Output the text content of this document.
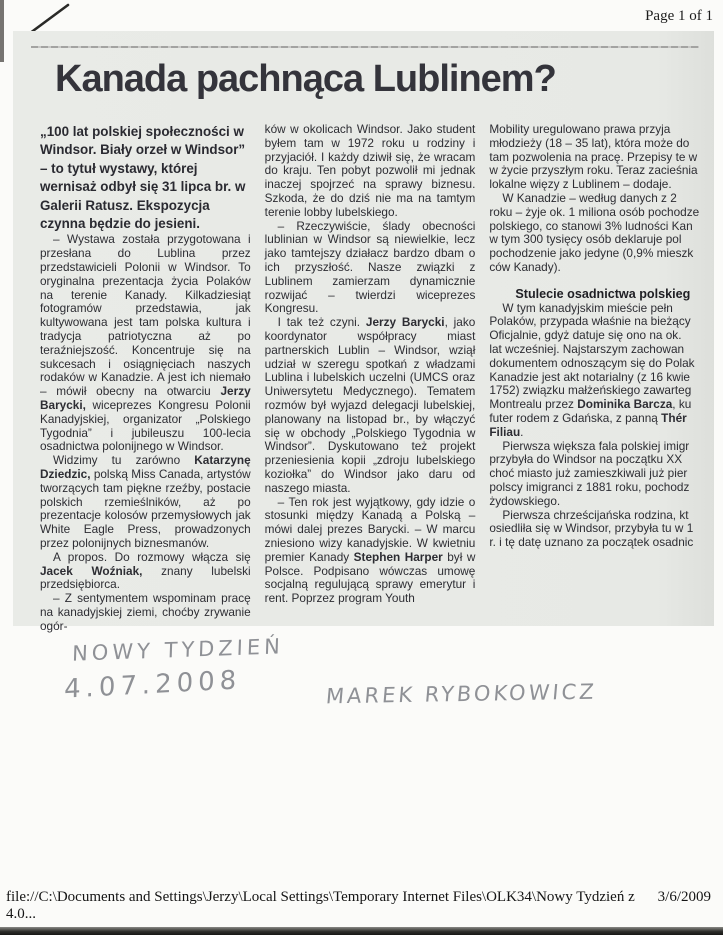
Page 1 of 1
Kanada pachnąca Lublinem?

„100 lat polskiej społeczności w Windsor. Biały orzeł w Windsor” – to tytuł wystawy, której wernisaż odbył się 31 lipca br. w Galerii Ratusz. Ekspozycja czynna będzie do jesieni.

– Wystawa została przygotowana i przesłana do Lublina przez przedstawicieli Polonii w Windsor. To oryginalna prezentacja życia Polaków na terenie Kanady. Kilkadziesiąt fotogramów przedstawia, jak kultywowana jest tam polska kultura i tradycja patriotyczna aż po teraźniejszość. Koncentruje się na sukcesach i osiągnięciach naszych rodaków w Kanadzie. A jest ich niemało – mówił obecny na otwarciu Jerzy Barycki, wiceprezes Kongresu Polonii Kanadyjskiej, organizator „Polskiego Tygodnia” i jubileuszu 100-lecia osadnictwa polonijnego w Windsor.

Widzimy tu zarówno Katarzynę Dziedzic, polską Miss Canada, artystów tworzących tam piękne rzeźby, postacie polskich rzemieślników, aż po prezentacje kolosów przemysłowych jak White Eagle Press, prowadzonych przez polonijnych biznesmanów.

A propos. Do rozmowy włącza się Jacek Woźniak, znany lubelski przedsiębiorca.

– Z sentymentem wspominam pracę na kanadyjskiej ziemi, choćby zrywanie ogór-

ków w okolicach Windsor. Jako student byłem tam w 1972 roku u rodziny i przyjaciół. I każdy dziwił się, że wracam do kraju. Ten pobyt pozwolił mi jednak inaczej spojrzeć na sprawy biznesu. Szkoda, że do dziś nie ma na tamtym terenie lobby lubelskiego.

– Rzeczywiście, ślady obecności lublinian w Windsor są niewielkie, lecz jako tamtejszy działacz bardzo dbam o ich przyszłość. Nasze związki z Lublinem zamierzam dynamicznie rozwijać – twierdzi wiceprezes Kongresu.

I tak też czyni. Jerzy Barycki, jako koordynator współpracy miast partnerskich Lublin – Windsor, wziął udział w szeregu spotkań z władzami Lublina i lubelskich uczelni (UMCS oraz Uniwersytetu Medycznego). Tematem rozmów był wyjazd delegacji lubelskiej, planowany na listopad br., by włączyć się w obchody „Polskiego Tygodnia w Windsor”. Dyskutowano też projekt przeniesienia kopii „zdroju lubelskiego koziołka” do Windsor jako daru od naszego miasta.

– Ten rok jest wyjątkowy, gdy idzie o stosunki między Kanadą a Polską – mówi dalej prezes Barycki. – W marcu zniesiono wizy kanadyjskie. W kwietniu premier Kanady Stephen Harper był w Polsce. Podpisano wówczas umowę socjalną regulującą sprawy emerytur i rent. Poprzez program Youth

Mobility uregulowano prawa przyja
młodzieży (18 – 35 lat), która może do
tam pozwolenia na pracę. Przepisy te w
w życie przyszłym roku. Teraz zacieśnia
lokalne więzy z Lublinem – dodaje.
W Kanadzie – według danych z 2
roku – żyje ok. 1 miliona osób pochodze
polskiego, co stanowi 3% ludności Kan
w tym 300 tysięcy osób deklaruje pol
pochodzenie jako jedyne (0,9% mieszk
ców Kanady).
Stulecie osadnictwa polskieg
W tym kanadyjskim mieście pełn
Polaków, przypada właśnie na bieżący
Oficjalnie, gdyż datuje się ono na ok.
lat wcześniej. Najstarszym zachowan
dokumentem odnoszącym się do Polak
Kanadzie jest akt notarialny (z 16 kwie
1752) związku małżeńskiego zawarteg
Montrealu przez Dominika Barcza, ku
futer rodem z Gdańska, z panną Thér
Filiau.
Pierwsza większa fala polskiej imigr
przybyła do Windsor na początku XX
choć miasto już zamieszkiwali już pier
polscy imigranci z 1881 roku, pochodz
żydowskiego.
Pierwsza chrześcijańska rodzina, kt
osiedliła się w Windsor, przybyła tu w 1
r. i tę datę uznano za początek osadnic
NOWY TYDZIEŃ
4.07.2008	MAREK RYBOKOWICZ
file://C:\Documents and Settings\Jerzy\Local Settings\Temporary Internet Files\OLK34\Nowy Tydzień z 4.0...
3/6/2009
